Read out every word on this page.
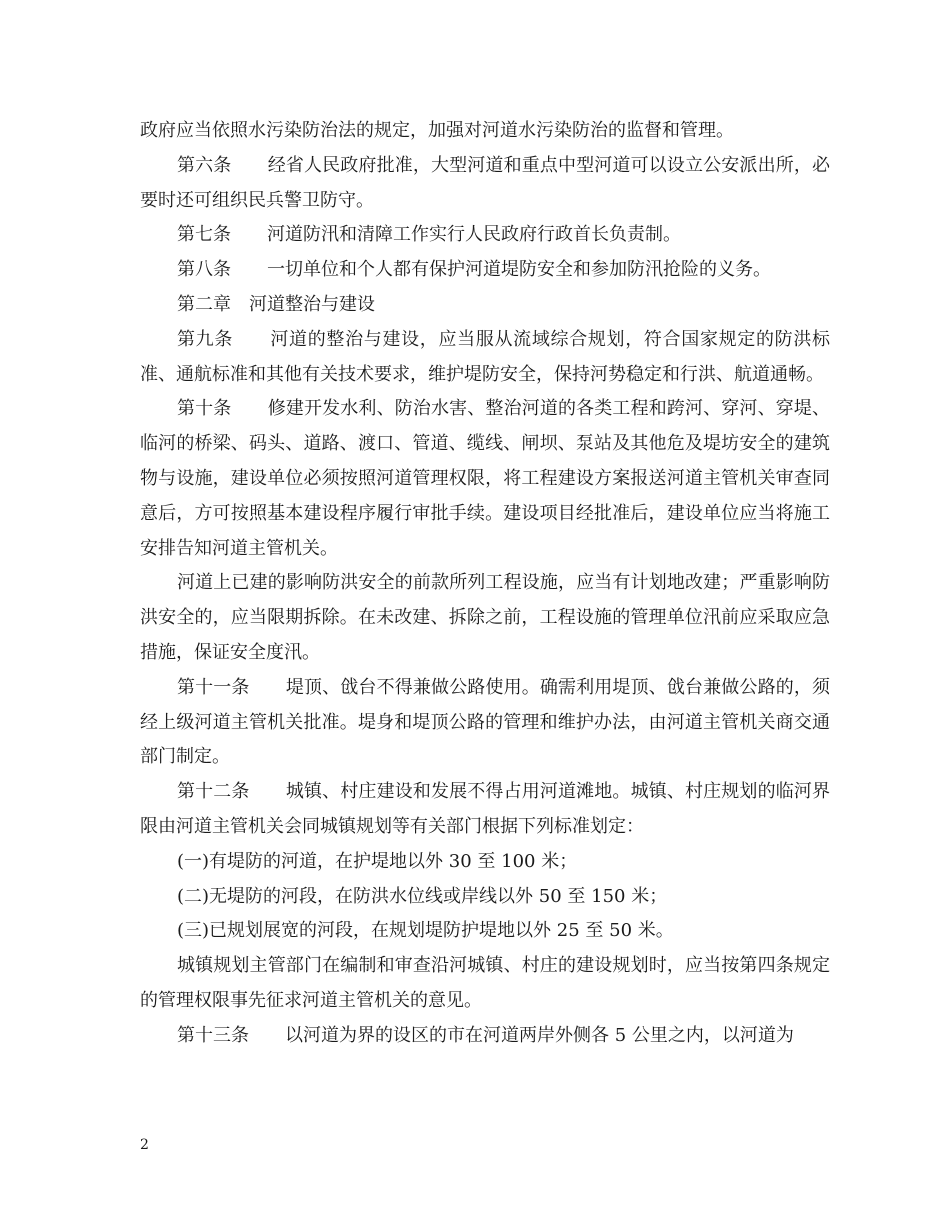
政府应当依照水污染防治法的规定，加强对河道水污染防治的监督和管理。

第六条　　经省人民政府批准，大型河道和重点中型河道可以设立公安派出所，必要时还可组织民兵警卫防守。

第七条　　河道防汛和清障工作实行人民政府行政首长负责制。

第八条　　一切单位和个人都有保护河道堤防安全和参加防汛抢险的义务。

第二章　河道整治与建设

第九条　　河道的整治与建设，应当服从流域综合规划，符合国家规定的防洪标准、通航标准和其他有关技术要求，维护堤防安全，保持河势稳定和行洪、航道通畅。

第十条　　修建开发水利、防治水害、整治河道的各类工程和跨河、穿河、穿堤、临河的桥梁、码头、道路、渡口、管道、缆线、闸坝、泵站及其他危及堤坊安全的建筑物与设施，建设单位必须按照河道管理权限，将工程建设方案报送河道主管机关审查同意后，方可按照基本建设程序履行审批手续。建设项目经批准后，建设单位应当将施工安排告知河道主管机关。

河道上已建的影响防洪安全的前款所列工程设施，应当有计划地改建；严重影响防洪安全的，应当限期拆除。在未改建、拆除之前，工程设施的管理单位汛前应采取应急措施，保证安全度汛。

第十一条　　堤顶、戗台不得兼做公路使用。确需利用堤顶、戗台兼做公路的，须经上级河道主管机关批准。堤身和堤顶公路的管理和维护办法，由河道主管机关商交通部门制定。

第十二条　　城镇、村庄建设和发展不得占用河道滩地。城镇、村庄规划的临河界限由河道主管机关会同城镇规划等有关部门根据下列标准划定：

(一)有堤防的河道，在护堤地以外 30 至 100 米；

(二)无堤防的河段，在防洪水位线或岸线以外 50 至 150 米；

(三)已规划展宽的河段，在规划堤防护堤地以外 25 至 50 米。

城镇规划主管部门在编制和审查沿河城镇、村庄的建设规划时，应当按第四条规定的管理权限事先征求河道主管机关的意见。

第十三条　　以河道为界的设区的市在河道两岸外侧各 5 公里之内，以河道为

2
